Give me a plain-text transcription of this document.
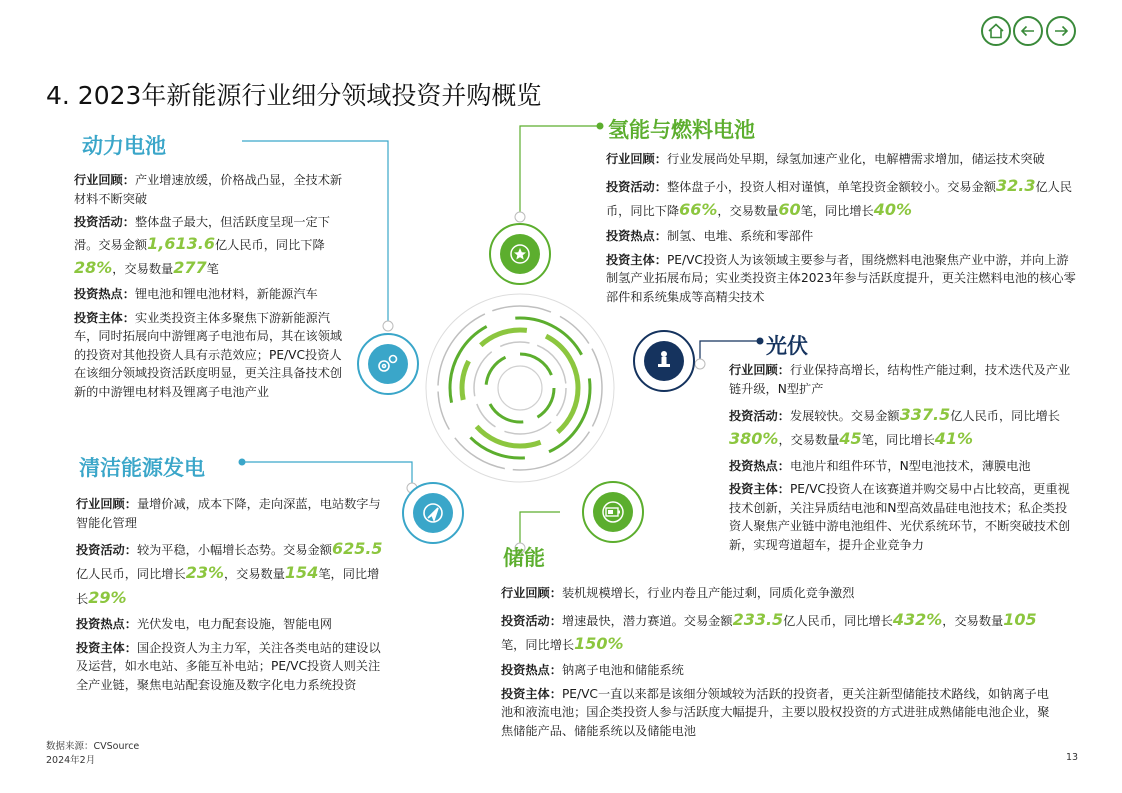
4. 2023年新能源行业细分领域投资并购概览
动力电池

行业回顾：产业增速放缓，价格战凸显，全技术新材料不断突破

投资活动：整体盘子最大，但活跃度呈现一定下滑。交易金额1,613.6亿人民币，同比下降28%，交易数量277笔

投资热点：锂电池和锂电池材料，新能源汽车

投资主体：实业类投资主体多聚焦下游新能源汽车，同时拓展向中游锂离子电池布局，其在该领域的投资对其他投资人具有示范效应；PE/VC投资人在该细分领域投资活跃度明显，更关注具备技术创新的中游锂电材料及锂离子电池产业

氢能与燃料电池

行业回顾：行业发展尚处早期，绿氢加速产业化，电解槽需求增加，储运技术突破

投资活动：整体盘子小，投资人相对谨慎，单笔投资金额较小。交易金额32.3亿人民币，同比下降66%，交易数量60笔，同比增长40%

投资热点：制氢、电堆、系统和零部件

投资主体：PE/VC投资人为该领域主要参与者，围绕燃料电池聚焦产业中游，并向上游制氢产业拓展布局；实业类投资主体2023年参与活跃度提升，更关注燃料电池的核心零部件和系统集成等高精尖技术

光伏

行业回顾：行业保持高增长，结构性产能过剩，技术迭代及产业链升级，N型扩产

投资活动：发展较快。交易金额337.5亿人民币，同比增长380%，交易数量45笔，同比增长41%

投资热点：电池片和组件环节，N型电池技术，薄膜电池

投资主体：PE/VC投资人在该赛道并购交易中占比较高，更重视技术创新，关注异质结电池和N型高效晶硅电池技术；私企类投资人聚焦产业链中游电池组件、光伏系统环节，不断突破技术创新，实现弯道超车，提升企业竞争力

清洁能源发电

行业回顾：量增价减，成本下降，走向深蓝，电站数字与智能化管理

投资活动：较为平稳，小幅增长态势。交易金额625.5亿人民币，同比增长23%，交易数量154笔，同比增长29%

投资热点：光伏发电，电力配套设施，智能电网

投资主体：国企投资人为主力军，关注各类电站的建设以及运营，如水电站、多能互补电站；PE/VC投资人则关注全产业链，聚焦电站配套设施及数字化电力系统投资

储能

行业回顾：装机规模增长，行业内卷且产能过剩，同质化竞争激烈

投资活动：增速最快，潜力赛道。交易金额233.5亿人民币，同比增长432%，交易数量105笔，同比增长150%

投资热点：钠离子电池和储能系统

投资主体：PE/VC一直以来都是该细分领域较为活跃的投资者，更关注新型储能技术路线，如钠离子电池和液流电池；国企类投资人参与活跃度大幅提升，主要以股权投资的方式进驻成熟储能电池企业，聚焦储能产品、储能系统以及储能电池

数据来源：CVSource
2024年2月	13
